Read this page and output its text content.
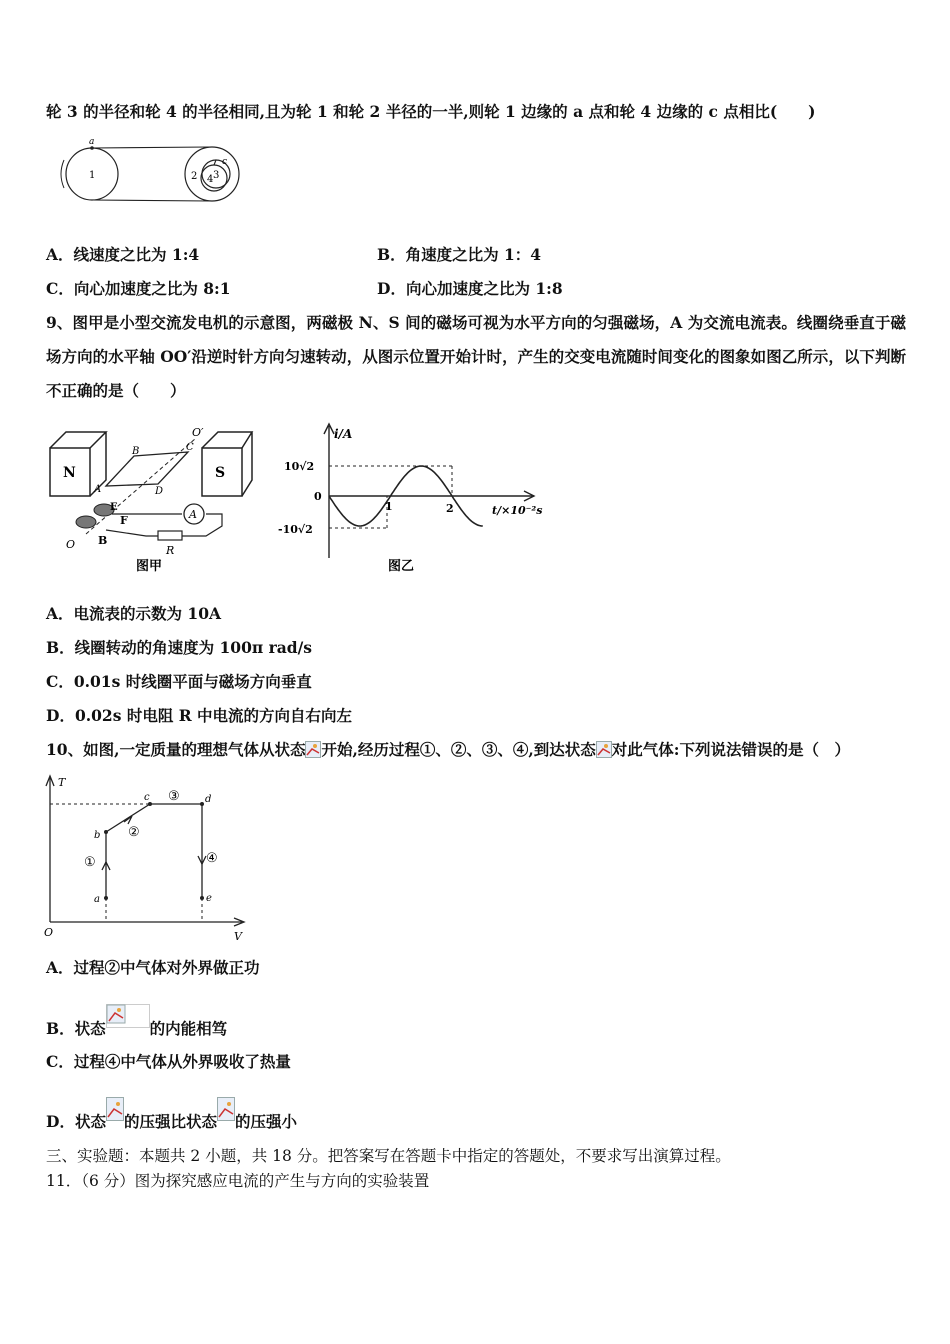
轮 3 的半径和轮 4 的半径相同,且为轮 1 和轮 2 半径的一半,则轮 1 边缘的 a 点和轮 4 边缘的 c 点相比(　　)
a
1	2 3
4
c
A．线速度之比为 1:4	B．角速度之比为 1：4
C．向心加速度之比为 8:1	D．向心加速度之比为 1:8
9、图甲是小型交流发电机的示意图，两磁极 N、S 间的磁场可视为水平方向的匀强磁场，A 为交流电流表。线圈绕垂直于磁场方向的水平轴 OO′沿逆时针方向匀速转动，从图示位置开始计时，产生的交变电流随时间变化的图象如图乙所示，以下判断不正确的是（　　）
N	S
O′
O
B	C
A	D
E
F
B
A
R
图甲
i/A
10√2
0
-10√2
1	2	t/×10⁻²s
图乙
A．电流表的示数为 10A
B．线圈转动的角速度为 100π rad/s
C．0.01s 时线圈平面与磁场方向垂直
D．0.02s 时电阻 R 中电流的方向自右向左
10、如图,一定质量的理想气体从状态 开始,经历过程①、②、③、④,到达状态 对此气体:下列说法错误的是（　）
T
V
O
a
b
c	d
e
①
②
③
④
A．过程②中气体对外界做正功
B．状态	的内能相笃
C．过程④中气体从外界吸收了热量
D．状态 的压强比状态 的压强小
三、实验题：本题共 2 小题，共 18 分。把答案写在答题卡中指定的答题处，不要求写出演算过程。
11．（6 分）图为探究感应电流的产生与方向的实验装置
